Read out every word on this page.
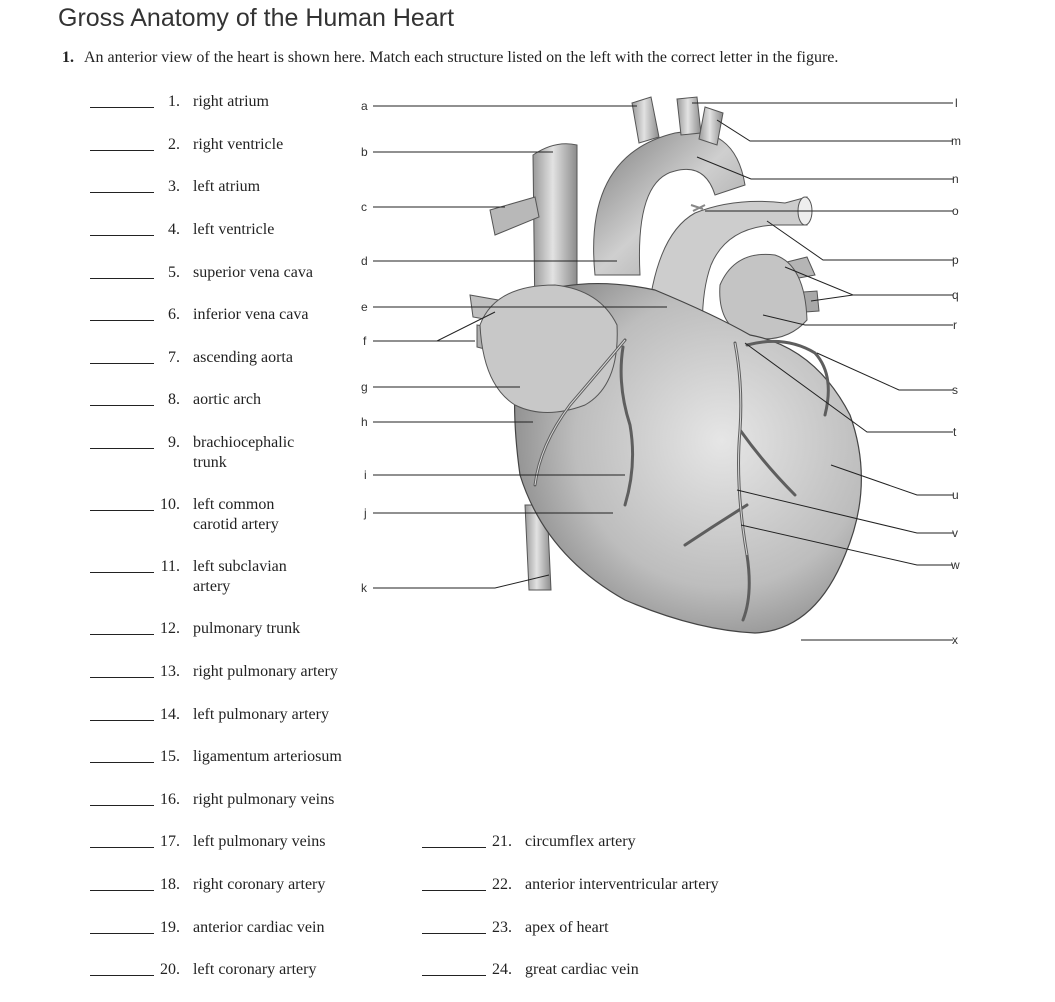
Gross Anatomy of the Human Heart
1. An anterior view of the heart is shown here. Match each structure listed on the left with the correct letter in the figure.
1. right atrium
2. right ventricle
3. left atrium
4. left ventricle
5. superior vena cava
6. inferior vena cava
7. ascending aorta
8. aortic arch
9. brachiocephalic trunk
10. left common carotid artery
11. left subclavian artery
12. pulmonary trunk
13. right pulmonary artery
14. left pulmonary artery
15. ligamentum arteriosum
16. right pulmonary veins
17. left pulmonary veins
18. right coronary artery
19. anterior cardiac vein
20. left coronary artery
21. circumflex artery
22. anterior interventricular artery
23. apex of heart
24. great cardiac vein
a
b
c
d
e
f
g
h
i
j
k
l
m
n
o
p
q
r
s
t
u
v
w
x
